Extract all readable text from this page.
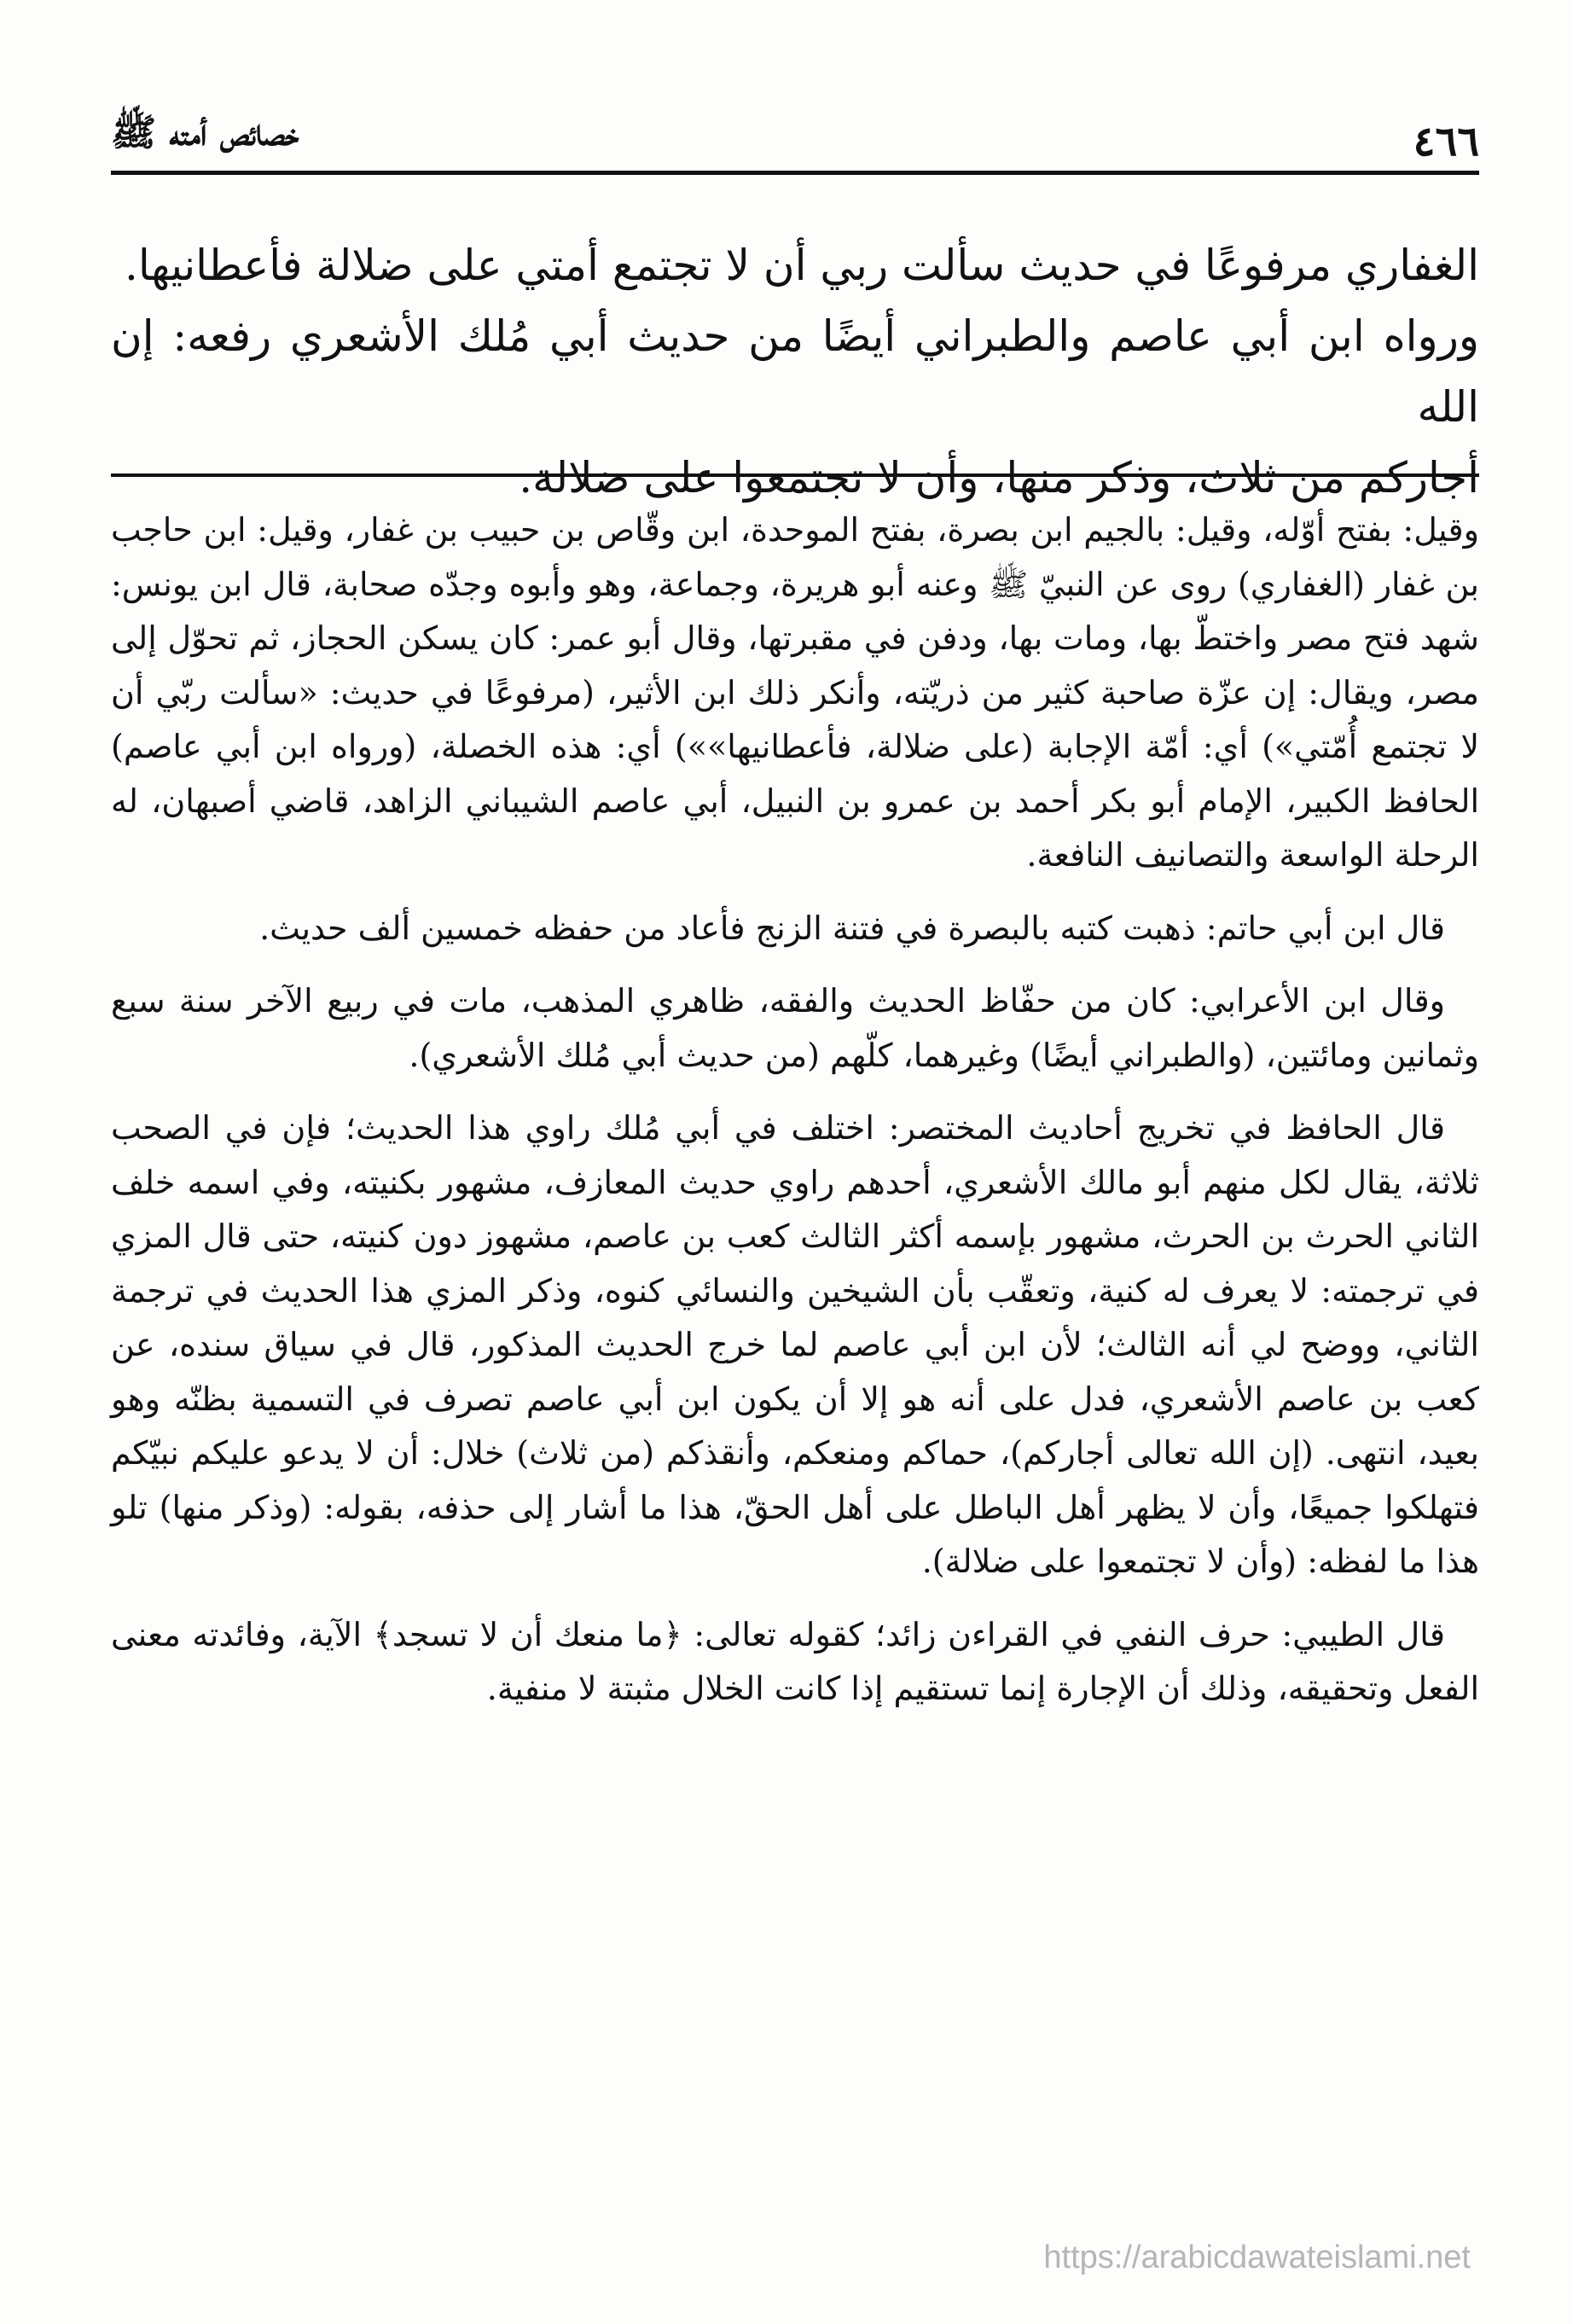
خصائص أمته ﷺ	٤٦٦

الغفاري مرفوعًا في حديث سألت ربي أن لا تجتمع أمتي على ضلالة فأعطانيها.

ورواه ابن أبي عاصم والطبراني أيضًا من حديث أبي مُلك الأشعري رفعه: إن الله

أجاركم من ثلاث، وذكر منها، وأن لا تجتمعوا على ضلالة.

وقيل: بفتح أوّله، وقيل: بالجيم ابن بصرة، بفتح الموحدة، ابن وقّاص بن حبيب بن غفار، وقيل: ابن حاجب بن غفار (الغفاري) روى عن النبيّ ﷺ وعنه أبو هريرة، وجماعة، وهو وأبوه وجدّه صحابة، قال ابن يونس: شهد فتح مصر واختطّ بها، ومات بها، ودفن في مقبرتها، وقال أبو عمر: كان يسكن الحجاز، ثم تحوّل إلى مصر، ويقال: إن عزّة صاحبة كثير من ذريّته، وأنكر ذلك ابن الأثير، (مرفوعًا في حديث: «سألت ربّي أن لا تجتمع أُمّتي») أي: أمّة الإجابة (على ضلالة، فأعطانيها»») أي: هذه الخصلة، (ورواه ابن أبي عاصم) الحافظ الكبير، الإمام أبو بكر أحمد بن عمرو بن النبيل، أبي عاصم الشيباني الزاهد، قاضي أصبهان، له الرحلة الواسعة والتصانيف النافعة.

قال ابن أبي حاتم: ذهبت كتبه بالبصرة في فتنة الزنج فأعاد من حفظه خمسين ألف حديث.

وقال ابن الأعرابي: كان من حفّاظ الحديث والفقه، ظاهري المذهب، مات في ربيع الآخر سنة سبع وثمانين ومائتين، (والطبراني أيضًا) وغيرهما، كلّهم (من حديث أبي مُلك الأشعري).

قال الحافظ في تخريج أحاديث المختصر: اختلف في أبي مُلك راوي هذا الحديث؛ فإن في الصحب ثلاثة، يقال لكل منهم أبو مالك الأشعري، أحدهم راوي حديث المعازف، مشهور بكنيته، وفي اسمه خلف الثاني الحرث بن الحرث، مشهور بإسمه أكثر الثالث كعب بن عاصم، مشهوز دون كنيته، حتى قال المزي في ترجمته: لا يعرف له كنية، وتعقّب بأن الشيخين والنسائي كنوه، وذكر المزي هذا الحديث في ترجمة الثاني، ووضح لي أنه الثالث؛ لأن ابن أبي عاصم لما خرج الحديث المذكور، قال في سياق سنده، عن كعب بن عاصم الأشعري، فدل على أنه هو إلا أن يكون ابن أبي عاصم تصرف في التسمية بظنّه وهو بعيد، انتهى. (إن الله تعالى أجاركم)، حماكم ومنعكم، وأنقذكم (من ثلاث) خلال: أن لا يدعو عليكم نبيّكم فتهلكوا جميعًا، وأن لا يظهر أهل الباطل على أهل الحقّ، هذا ما أشار إلى حذفه، بقوله: (وذكر منها) تلو هذا ما لفظه: (وأن لا تجتمعوا على ضلالة).

قال الطيبي: حرف النفي في القراءن زائد؛ كقوله تعالى: ﴿ما منعك أن لا تسجد﴾ الآية، وفائدته معنى الفعل وتحقيقه، وذلك أن الإجارة إنما تستقيم إذا كانت الخلال مثبتة لا منفية.

https://arabicdawateislami.net
